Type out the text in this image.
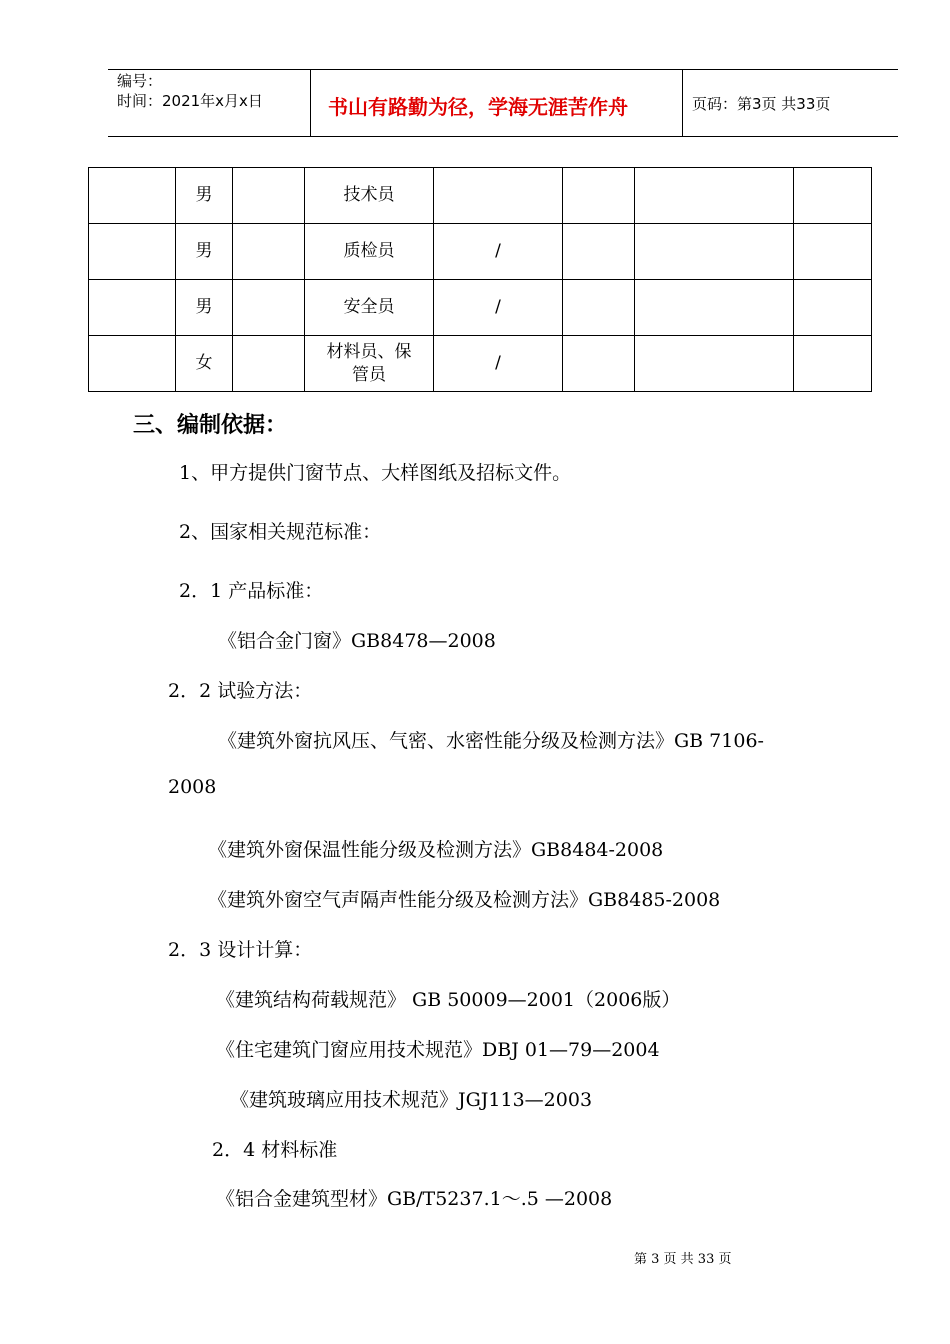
编号：
时间：2021年x月x日	书山有路勤为径，学海无涯苦作舟	页码：第3页 共33页
	男		技术员				
	男		质检员	/			
	男		安全员	/			
	女		材料员、保管员	/			
三、编制依据：
1、甲方提供门窗节点、大样图纸及招标文件。
2、国家相关规范标准：
2．1 产品标准：
《铝合金门窗》GB8478—2008
2．2 试验方法：
《建筑外窗抗风压、气密、水密性能分级及检测方法》GB 7106-
2008
《建筑外窗保温性能分级及检测方法》GB8484-2008
《建筑外窗空气声隔声性能分级及检测方法》GB8485-2008
2．3 设计计算：
《建筑结构荷载规范》 GB 50009—2001（2006版）
《住宅建筑门窗应用技术规范》DBJ 01—79—2004
《建筑玻璃应用技术规范》JGJ113—2003
2．4 材料标准
《铝合金建筑型材》GB/T5237.1～.5 —2008
第 3 页 共 33 页
